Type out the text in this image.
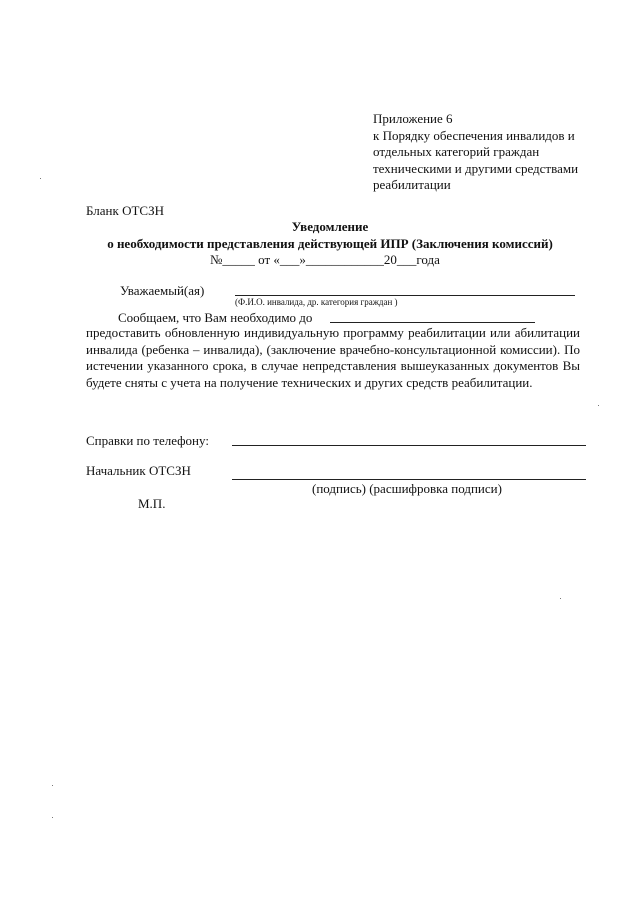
Приложение 6
к Порядку обеспечения инвалидов и
отдельных категорий граждан
техническими и другими средствами
реабилитации
Бланк ОТСЗН
Уведомление
о необходимости представления действующей ИПР (Заключения комиссий)
№_____ от «___»____________20___года
Уважаемый(ая)
(Ф.И.О. инвалида, др. категория граждан )
Сообщаем, что Вам необходимо до
предоставить обновленную индивидуальную программу реабилитации или абилитации инвалида (ребенка – инвалида), (заключение врачебно-консультационной комиссии). По истечении указанного срока, в случае непредставления вышеуказанных документов Вы будете сняты с учета на получение технических и других средств реабилитации.
Справки по телефону:
Начальник ОТСЗН
(подпись) (расшифровка подписи)
М.П.
